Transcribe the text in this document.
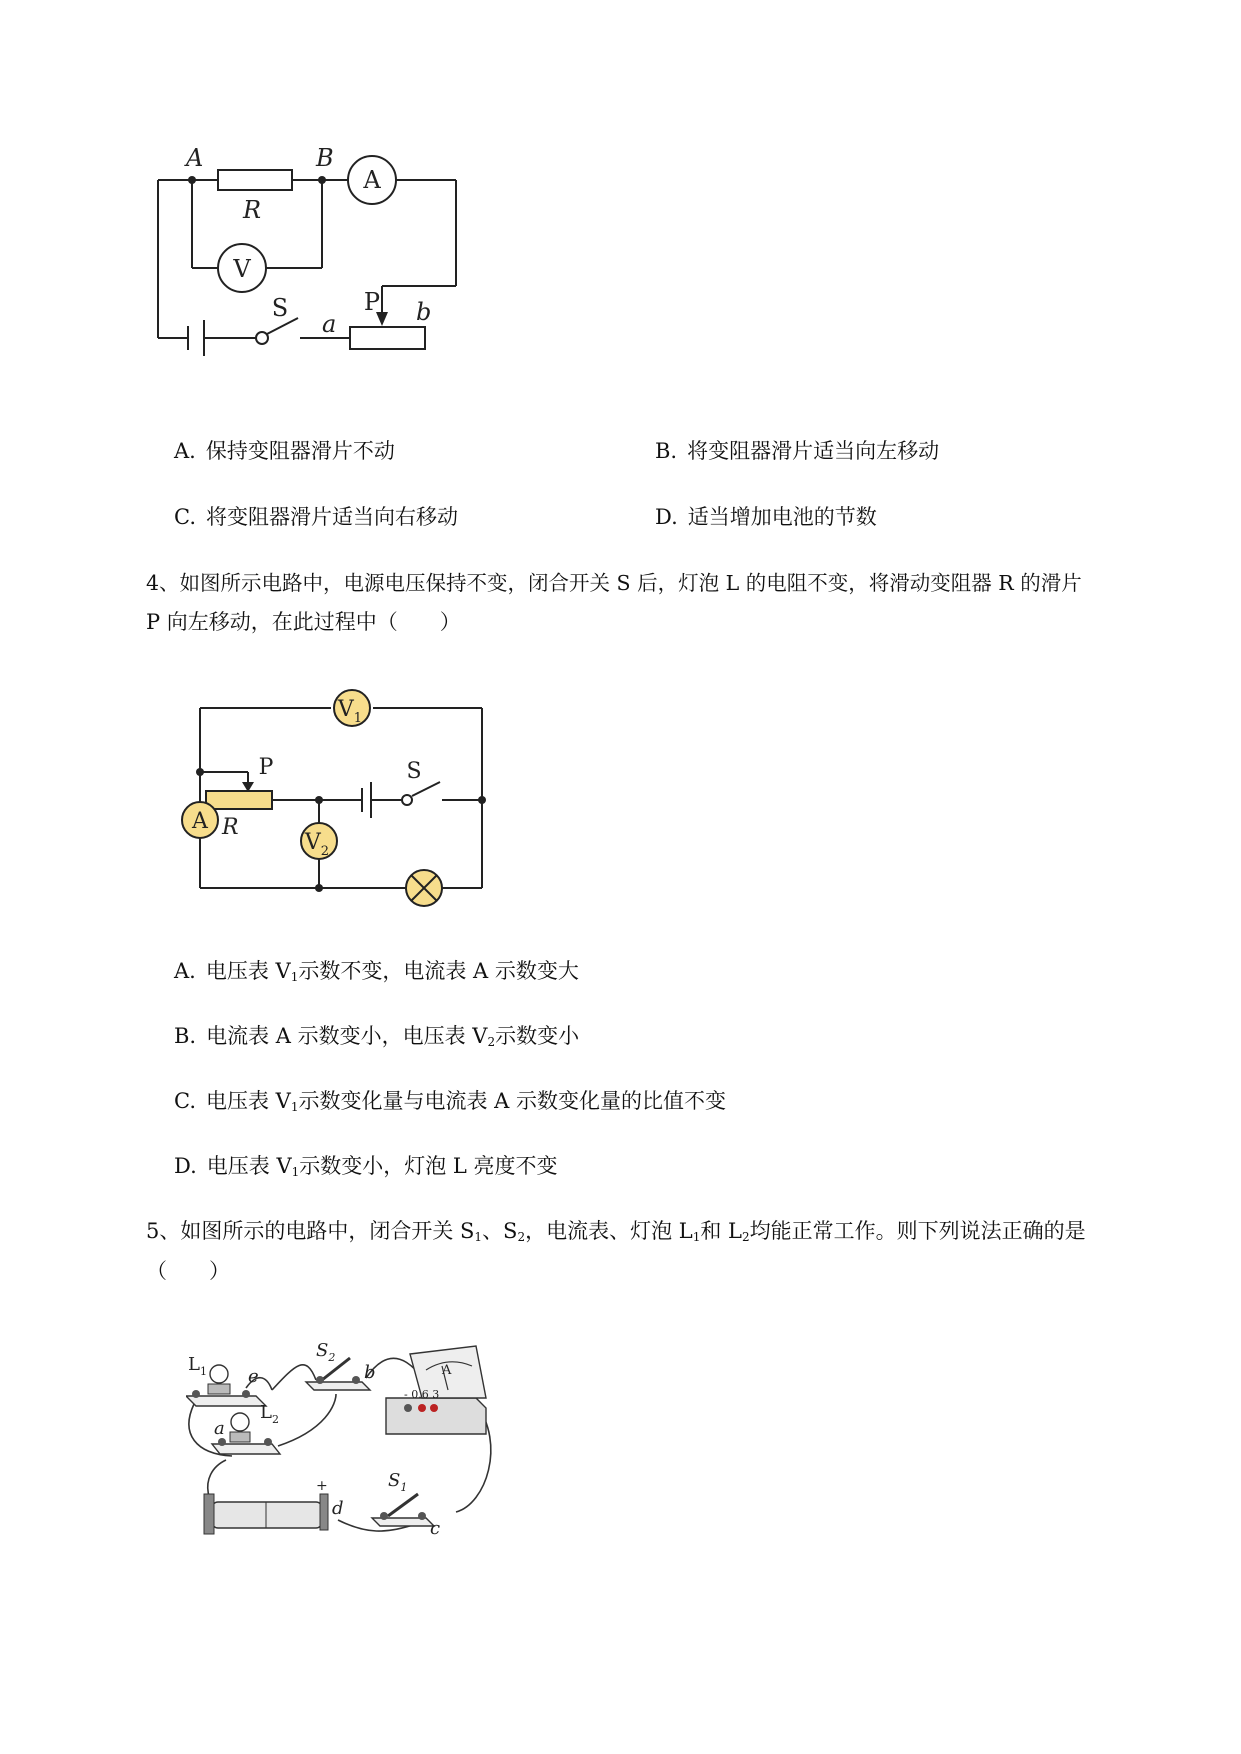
A	B
R
a	b
A
V
S	P
A. 保持变阻器滑片不动	B. 将变阻器滑片适当向左移动
C. 将变阻器滑片适当向右移动	D. 适当增加电池的节数
4、如图所示电路中，电源电压保持不变，闭合开关 S 后，灯泡 L 的电阻不变，将滑动变阻器 R 的滑片
P 向左移动，在此过程中（　　）
$V_1$
$V_2$
A
P	S
R
A. 电压表 $V_1$示数不变，电流表 A 示数变大
B. 电流表 A 示数变小，电压表 $V_2$示数变小
C. 电压表 $V_1$示数变化量与电流表 A 示数变化量的比值不变
D. 电压表 $V_1$示数变小，灯泡 L 亮度不变
5、如图所示的电路中，闭合开关 $S_1$、$S_2$，电流表、灯泡 $L_1$和 $L_2$均能正常工作。则下列说法正确的是
（　　）
$L_1$
$L_2$
$S_2$
$S_1$
e	b
a
d
c
A
- 0.6 3
+
